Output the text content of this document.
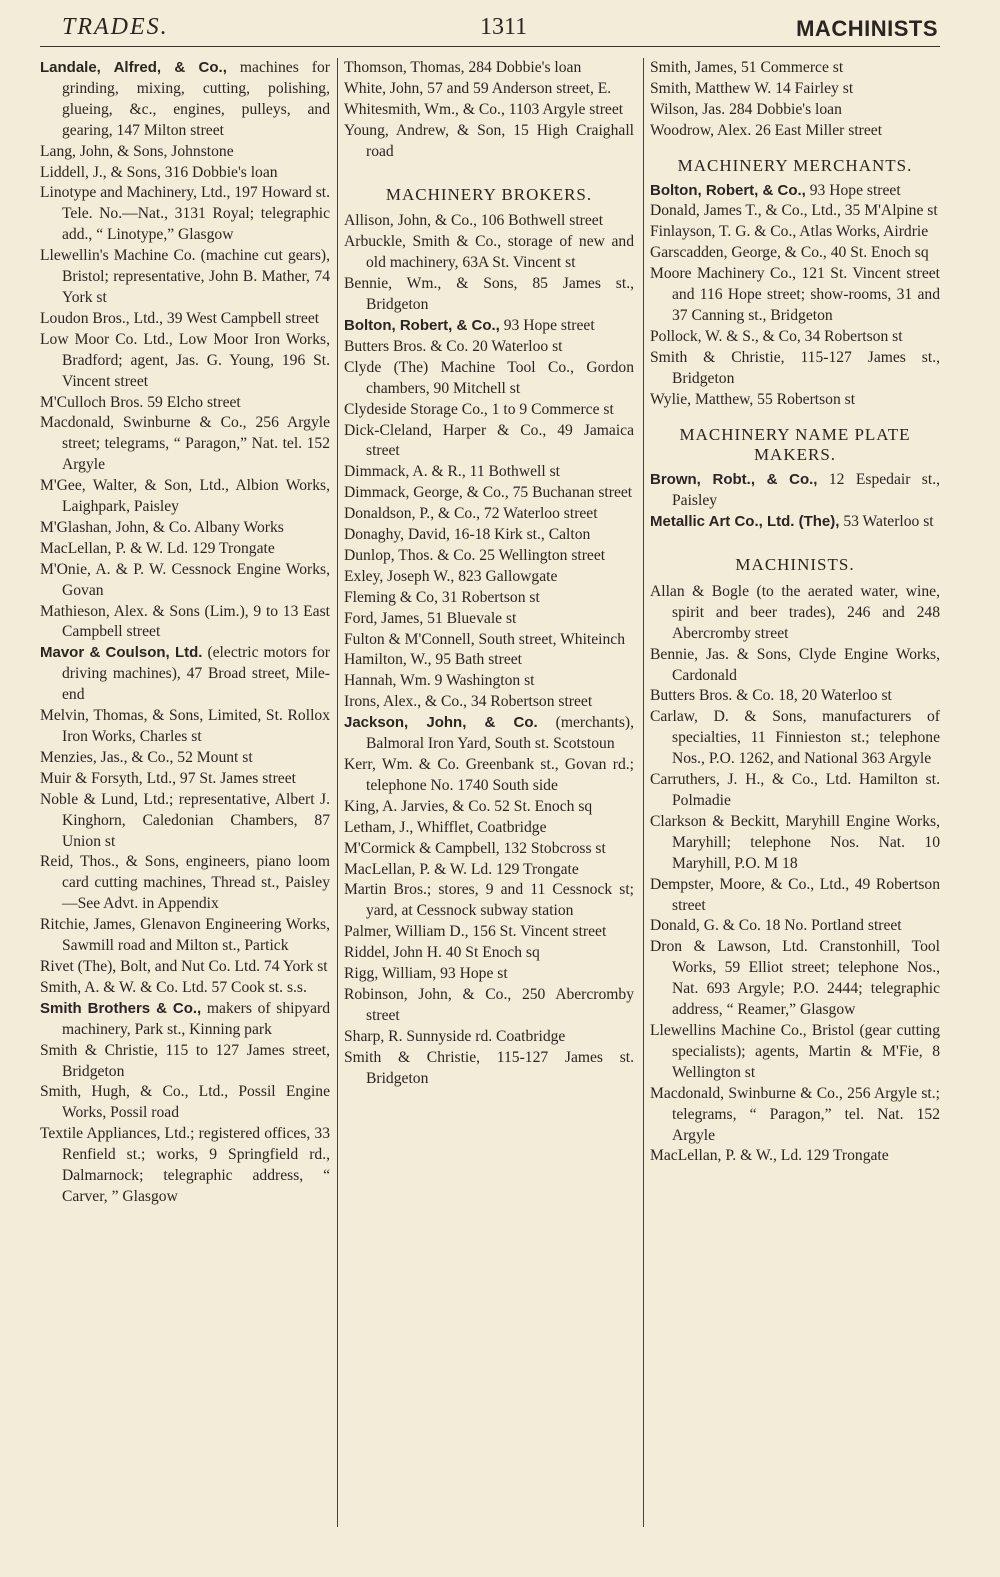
TRADES.	1311	MACHINISTS

Landale, Alfred, & Co., machines for grinding, mixing, cutting, polishing, glueing, &c., engines, pulleys, and gearing, 147 Milton street

Lang, John, & Sons, Johnstone

Liddell, J., & Sons, 316 Dobbie's loan

Linotype and Machinery, Ltd., 197 Howard st. Tele. No.—Nat., 3131 Royal; telegraphic add., “ Linotype,” Glasgow

Llewellin's Machine Co. (machine cut gears), Bristol; representative, John B. Mather, 74 York st

Loudon Bros., Ltd., 39 West Campbell street

Low Moor Co. Ltd., Low Moor Iron Works, Bradford; agent, Jas. G. Young, 196 St. Vincent street

M'Culloch Bros. 59 Elcho street

Macdonald, Swinburne & Co., 256 Argyle street; telegrams, “ Paragon,” Nat. tel. 152 Argyle

M'Gee, Walter, & Son, Ltd., Albion Works, Laighpark, Paisley

M'Glashan, John, & Co. Albany Works

MacLellan, P. & W. Ld. 129 Trongate

M'Onie, A. & P. W. Cessnock Engine Works, Govan

Mathieson, Alex. & Sons (Lim.), 9 to 13 East Campbell street

Mavor & Coulson, Ltd. (electric motors for driving machines), 47 Broad street, Mile-end

Melvin, Thomas, & Sons, Limited, St. Rollox Iron Works, Charles st

Menzies, Jas., & Co., 52 Mount st

Muir & Forsyth, Ltd., 97 St. James street

Noble & Lund, Ltd.; representative, Albert J. Kinghorn, Caledonian Chambers, 87 Union st

Reid, Thos., & Sons, engineers, piano loom card cutting machines, Thread st., Paisley—See Advt. in Appendix

Ritchie, James, Glenavon Engineering Works, Sawmill road and Milton st., Partick

Rivet (The), Bolt, and Nut Co. Ltd. 74 York st

Smith, A. & W. & Co. Ltd. 57 Cook st. s.s.

Smith Brothers & Co., makers of shipyard machinery, Park st., Kinning park

Smith & Christie, 115 to 127 James street, Bridgeton

Smith, Hugh, & Co., Ltd., Possil Engine Works, Possil road

Textile Appliances, Ltd.; registered offices, 33 Renfield st.; works, 9 Springfield rd., Dalmarnock; telegraphic address, “ Carver, ” Glasgow

Thomson, Thomas, 284 Dobbie's loan

White, John, 57 and 59 Anderson street, E.

Whitesmith, Wm., & Co., 1103 Argyle street

Young, Andrew, & Son, 15 High Craighall road

MACHINERY BROKERS.

Allison, John, & Co., 106 Bothwell street

Arbuckle, Smith & Co., storage of new and old machinery, 63A St. Vincent st

Bennie, Wm., & Sons, 85 James st., Bridgeton

Bolton, Robert, & Co., 93 Hope street

Butters Bros. & Co. 20 Waterloo st

Clyde (The) Machine Tool Co., Gordon chambers, 90 Mitchell st

Clydeside Storage Co., 1 to 9 Commerce st

Dick-Cleland, Harper & Co., 49 Jamaica street

Dimmack, A. & R., 11 Bothwell st

Dimmack, George, & Co., 75 Buchanan street

Donaldson, P., & Co., 72 Waterloo street

Donaghy, David, 16-18 Kirk st., Calton

Dunlop, Thos. & Co. 25 Wellington street

Exley, Joseph W., 823 Gallowgate

Fleming & Co, 31 Robertson st

Ford, James, 51 Bluevale st

Fulton & M'Connell, South street, Whiteinch

Hamilton, W., 95 Bath street

Hannah, Wm. 9 Washington st

Irons, Alex., & Co., 34 Robertson street

Jackson, John, & Co. (merchants), Balmoral Iron Yard, South st. Scotstoun

Kerr, Wm. & Co. Greenbank st., Govan rd.; telephone No. 1740 South side

King, A. Jarvies, & Co. 52 St. Enoch sq

Letham, J., Whifflet, Coatbridge

M'Cormick & Campbell, 132 Stobcross st

MacLellan, P. & W. Ld. 129 Trongate

Martin Bros.; stores, 9 and 11 Cessnock st; yard, at Cessnock subway station

Palmer, William D., 156 St. Vincent street

Riddel, John H. 40 St Enoch sq

Rigg, William, 93 Hope st

Robinson, John, & Co., 250 Abercromby street

Sharp, R. Sunnyside rd. Coatbridge

Smith & Christie, 115-127 James st. Bridgeton

Smith, James, 51 Commerce st

Smith, Matthew W. 14 Fairley st

Wilson, Jas. 284 Dobbie's loan

Woodrow, Alex. 26 East Miller street

MACHINERY MERCHANTS.

Bolton, Robert, & Co., 93 Hope street

Donald, James T., & Co., Ltd., 35 M'Alpine st

Finlayson, T. G. & Co., Atlas Works, Airdrie

Garscadden, George, & Co., 40 St. Enoch sq

Moore Machinery Co., 121 St. Vincent street and 116 Hope street; show-rooms, 31 and 37 Canning st., Bridgeton

Pollock, W. & S., & Co, 34 Robertson st

Smith & Christie, 115-127 James st., Bridgeton

Wylie, Matthew, 55 Robertson st

MACHINERY NAME PLATE MAKERS.

Brown, Robt., & Co., 12 Espedair st., Paisley

Metallic Art Co., Ltd. (The), 53 Waterloo st

MACHINISTS.

Allan & Bogle (to the aerated water, wine, spirit and beer trades), 246 and 248 Abercromby street

Bennie, Jas. & Sons, Clyde Engine Works, Cardonald

Butters Bros. & Co. 18, 20 Waterloo st

Carlaw, D. & Sons, manufacturers of specialties, 11 Finnieston st.; telephone Nos., P.O. 1262, and National 363 Argyle

Carruthers, J. H., & Co., Ltd. Hamilton st. Polmadie

Clarkson & Beckitt, Maryhill Engine Works, Maryhill; telephone Nos. Nat. 10 Maryhill, P.O. M 18

Dempster, Moore, & Co., Ltd., 49 Robertson street

Donald, G. & Co. 18 No. Portland street

Dron & Lawson, Ltd. Cranstonhill, Tool Works, 59 Elliot street; telephone Nos., Nat. 693 Argyle; P.O. 2444; telegraphic address, “ Reamer,” Glasgow

Llewellins Machine Co., Bristol (gear cutting specialists); agents, Martin & M'Fie, 8 Wellington st

Macdonald, Swinburne & Co., 256 Argyle st.; telegrams, “ Paragon,” tel. Nat. 152 Argyle

MacLellan, P. & W., Ld. 129 Trongate
